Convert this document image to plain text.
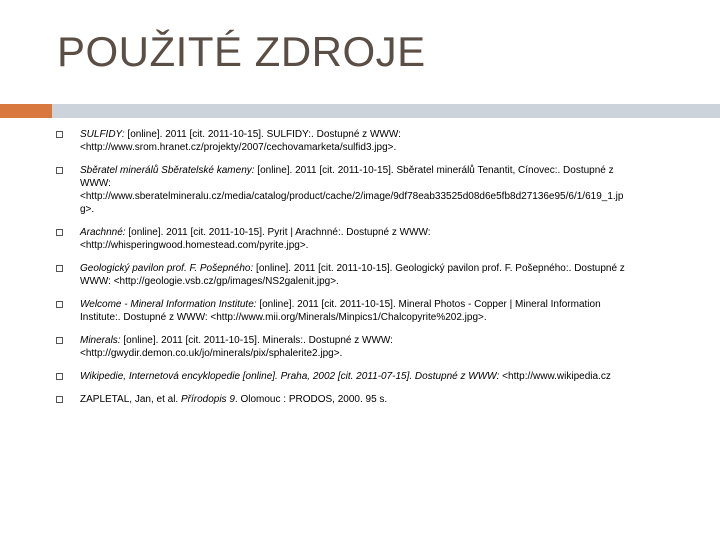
POUŽITÉ ZDROJE
SULFIDY: [online]. 2011 [cit. 2011-10-15]. SULFIDY:. Dostupné z WWW:
<http://www.srom.hranet.cz/projekty/2007/cechovamarketa/sulfid3.jpg>.
Sběratel minerálů Sběratelské kameny: [online]. 2011 [cit. 2011-10-15]. Sběratel minerálů Tenantit, Cínovec:. Dostupné z
WWW:
<http://www.sberatelmineralu.cz/media/catalog/product/cache/2/image/9df78eab33525d08d6e5fb8d27136e95/6/1/619_1.jp
g>.
Arachnné: [online]. 2011 [cit. 2011-10-15]. Pyrit | Arachnné:. Dostupné z WWW:
<http://whisperingwood.homestead.com/pyrite.jpg>.
Geologický pavilon prof. F. Pošepného: [online]. 2011 [cit. 2011-10-15]. Geologický pavilon prof. F. Pošepného:. Dostupné z
WWW: <http://geologie.vsb.cz/gp/images/NS2galenit.jpg>.
Welcome - Mineral Information Institute: [online]. 2011 [cit. 2011-10-15]. Mineral Photos - Copper | Mineral Information
Institute:. Dostupné z WWW: <http://www.mii.org/Minerals/Minpics1/Chalcopyrite%202.jpg>.
Minerals: [online]. 2011 [cit. 2011-10-15]. Minerals:. Dostupné z WWW:
<http://gwydir.demon.co.uk/jo/minerals/pix/sphalerite2.jpg>.
Wikipedie, Internetová encyklopedie [online]. Praha, 2002 [cit. 2011-07-15]. Dostupné z WWW: <http://www.wikipedia.cz
ZAPLETAL, Jan, et al. Přírodopis 9. Olomouc : PRODOS, 2000. 95 s.
